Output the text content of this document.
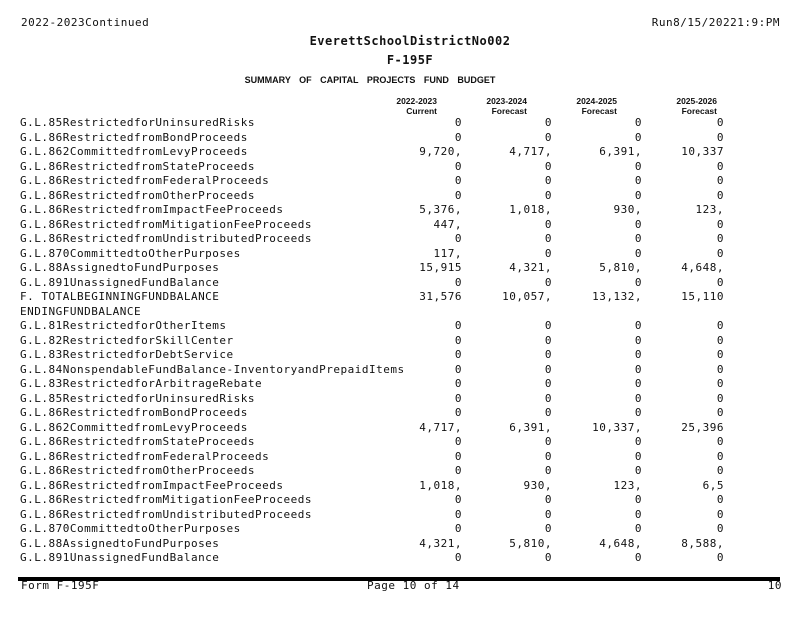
2022-2023Continued	Run8/15/20221:9:PM
EverettSchoolDistrictNo002
F-195F
SUMMARY OF CAPITAL PROJECTS FUND BUDGET
2022-2023
Current
2023-2024
Forecast
2024-2025
Forecast
2025-2026
Forecast
G.L.85RestrictedforUninsuredRisks	0	0	0	0
G.L.86RestrictedfromBondProceeds	0	0	0	0
G.L.862CommittedfromLevyProceeds	9,720,	4,717,	6,391,	10,337
G.L.86RestrictedfromStateProceeds	0	0	0	0
G.L.86RestrictedfromFederalProceeds	0	0	0	0
G.L.86RestrictedfromOtherProceeds	0	0	0	0
G.L.86RestrictedfromImpactFeeProceeds	5,376,	1,018,	930,	123,
G.L.86RestrictedfromMitigationFeeProceeds	447,	0	0	0
G.L.86RestrictedfromUndistributedProceeds	0	0	0	0
G.L.870CommittedtoOtherPurposes	117,	0	0	0
G.L.88AssignedtoFundPurposes	15,915	4,321,	5,810,	4,648,
G.L.891UnassignedFundBalance	0	0	0	0
F. TOTALBEGINNINGFUNDBALANCE	31,576	10,057,	13,132,	15,110
ENDINGFUNDBALANCE
G.L.81RestrictedforOtherItems	0	0	0	0
G.L.82RestrictedforSkillCenter	0	0	0	0
G.L.83RestrictedforDebtService	0	0	0	0
G.L.84NonspendableFundBalance-InventoryandPrepaidItems	0	0	0	0
G.L.83RestrictedforArbitrageRebate	0	0	0	0
G.L.85RestrictedforUninsuredRisks	0	0	0	0
G.L.86RestrictedfromBondProceeds	0	0	0	0
G.L.862CommittedfromLevyProceeds	4,717,	6,391,	10,337,	25,396
G.L.86RestrictedfromStateProceeds	0	0	0	0
G.L.86RestrictedfromFederalProceeds	0	0	0	0
G.L.86RestrictedfromOtherProceeds	0	0	0	0
G.L.86RestrictedfromImpactFeeProceeds	1,018,	930,	123,	6,5
G.L.86RestrictedfromMitigationFeeProceeds	0	0	0	0
G.L.86RestrictedfromUndistributedProceeds	0	0	0	0
G.L.870CommittedtoOtherPurposes	0	0	0	0
G.L.88AssignedtoFundPurposes	4,321,	5,810,	4,648,	8,588,
G.L.891UnassignedFundBalance	0	0	0	0
Form F-195F	Page 10 of 14	10
